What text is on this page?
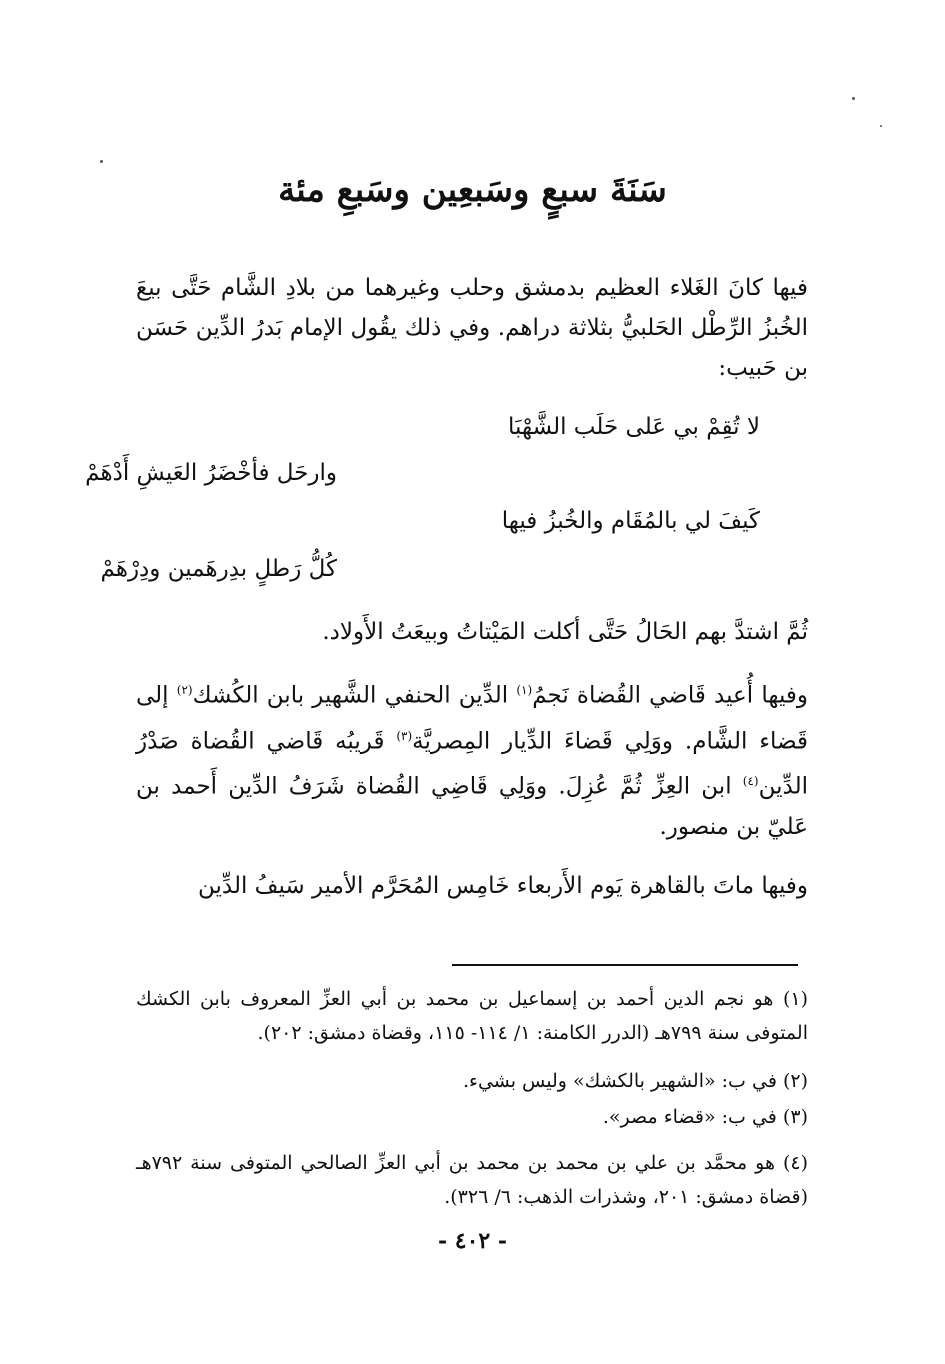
سَنَةَ سبعٍ وسَبعِين وسَبعِ مئة
فيها كانَ الغَلاء العظيم بدمشق وحلب وغيرهما من بلادِ الشَّام حَتَّى بيعَ الخُبزُ الرِّطْل الحَلبيُّ بثلاثة دراهم. وفي ذلك يقُول الإمام بَدرُ الدِّين حَسَن بن حَبيب:
لا تُقِمْ بي عَلى حَلَب الشَّهْبَا
وارحَل فأخْضَرُ العَيشِ أَدْهَمْ
كَيفَ لي بالمُقَام والخُبزُ فيها
كُلُّ رَطلٍ بدِرهَمين ودِرْهَمْ
ثُمَّ اشتدَّ بهم الحَالُ حَتَّى أكلت المَيْتاتُ وبيعَتُ الأَولاد.
وفيها أُعيد قَاضي القُضاة نَجمُ$^{(١)}$ الدِّين الحنفي الشَّهير بابن الكُشك$^{(٢)}$ إلى قَضاء الشَّام. ووَلِي قَضاءَ الدِّيار المِصريَّة$^{(٣)}$ قَريبُه قَاضي القُضاة صَدْرُ الدِّين$^{(٤)}$ ابن العِزِّ ثُمَّ عُزِلَ. ووَلِي قَاضِي القُضاة شَرَفُ الدِّين أَحمد بن عَليّ بن منصور.
وفيها ماتَ بالقاهرة يَوم الأَربعاء خَامِس المُحَرَّم الأمير سَيفُ الدِّين
(١) هو نجم الدين أحمد بن إسماعيل بن محمد بن أبي العزِّ المعروف بابن الكشك المتوفى سنة ٧٩٩هـ (الدرر الكامنة: ١/ ١١٤- ١١٥، وقضاة دمشق: ٢٠٢).
(٢) في ب: «الشهير بالكشك» وليس بشيء.
(٣) في ب: «قضاء مصر».
(٤) هو محمَّد بن علي بن محمد بن محمد بن أبي العزِّ الصالحي المتوفى سنة ٧٩٢هـ (قضاة دمشق: ٢٠١، وشذرات الذهب: ٦/ ٣٢٦).
- ٤٠٢ -
